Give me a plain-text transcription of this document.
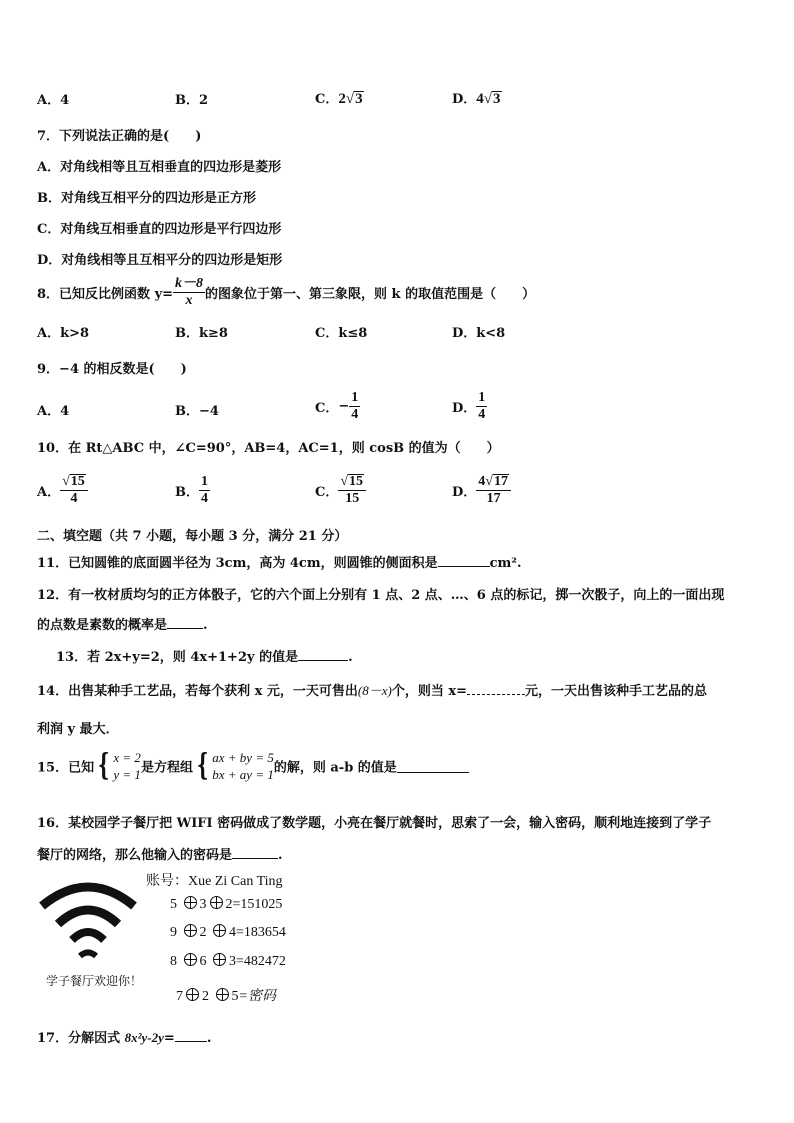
A．4	B．2	C．2√3	D．4√3
7．下列说法正确的是(　　)
A．对角线相等且互相垂直的四边形是菱形
B．对角线互相平分的四边形是正方形
C．对角线互相垂直的四边形是平行四边形
D．对角线相等且互相平分的四边形是矩形
8．已知反比例函数 $y= \frac{k-8}{x}$ 的图象位于第一、第三象限，则 k 的取值范围是（　　）
A．k>8	B．k≥8	C．k≤8	D．k<8
9．−4 的相反数是(　　)
A．4	B．−4	C．− $\frac{1}{4}$	D． $\frac{1}{4}$
10．在 Rt△ABC 中，∠C=90°，AB=4，AC=1，则 cosB 的值为（　　）
A． $\frac{√15}{4}$	B． $\frac{1}{4}$	C． $\frac{√15}{15}$	D． $\frac{4√17}{17}$
二、填空题（共 7 小题，每小题 3 分，满分 21 分）
11．已知圆锥的底面圆半径为 3cm，高为 4cm，则圆锥的侧面积是	cm².
12．有一枚材质均匀的正方体骰子，它的六个面上分别有 1 点、2 点、…、6 点的标记，掷一次骰子，向上的一面出现
的点数是素数的概率是	.
13．若 2x+y=2，则 4x+1+2y 的值是	.
14．出售某种手工艺品，若每个获利 x 元，一天可售出(8－x)个，则当 x=	元，一天出售该种手工艺品的总
利润 y 最大．
15．已知 { x = 2
y = 1 是方程组 { ax + by = 5
bx + ay = 1 的解，则 a-b 的值是
16．某校园学子餐厅把 WIFI 密码做成了数学题，小亮在餐厅就餐时，思索了一会，输入密码，顺利地连接到了学子
餐厅的网络，那么他输入的密码是	.
学子餐厅欢迎你！
账号：Xue Zi Can Ting
5 3 2=151025
9 2 4=183654
8 6 3=482472
7 2 5=密码
17．分解因式 8x²y-2y= .
